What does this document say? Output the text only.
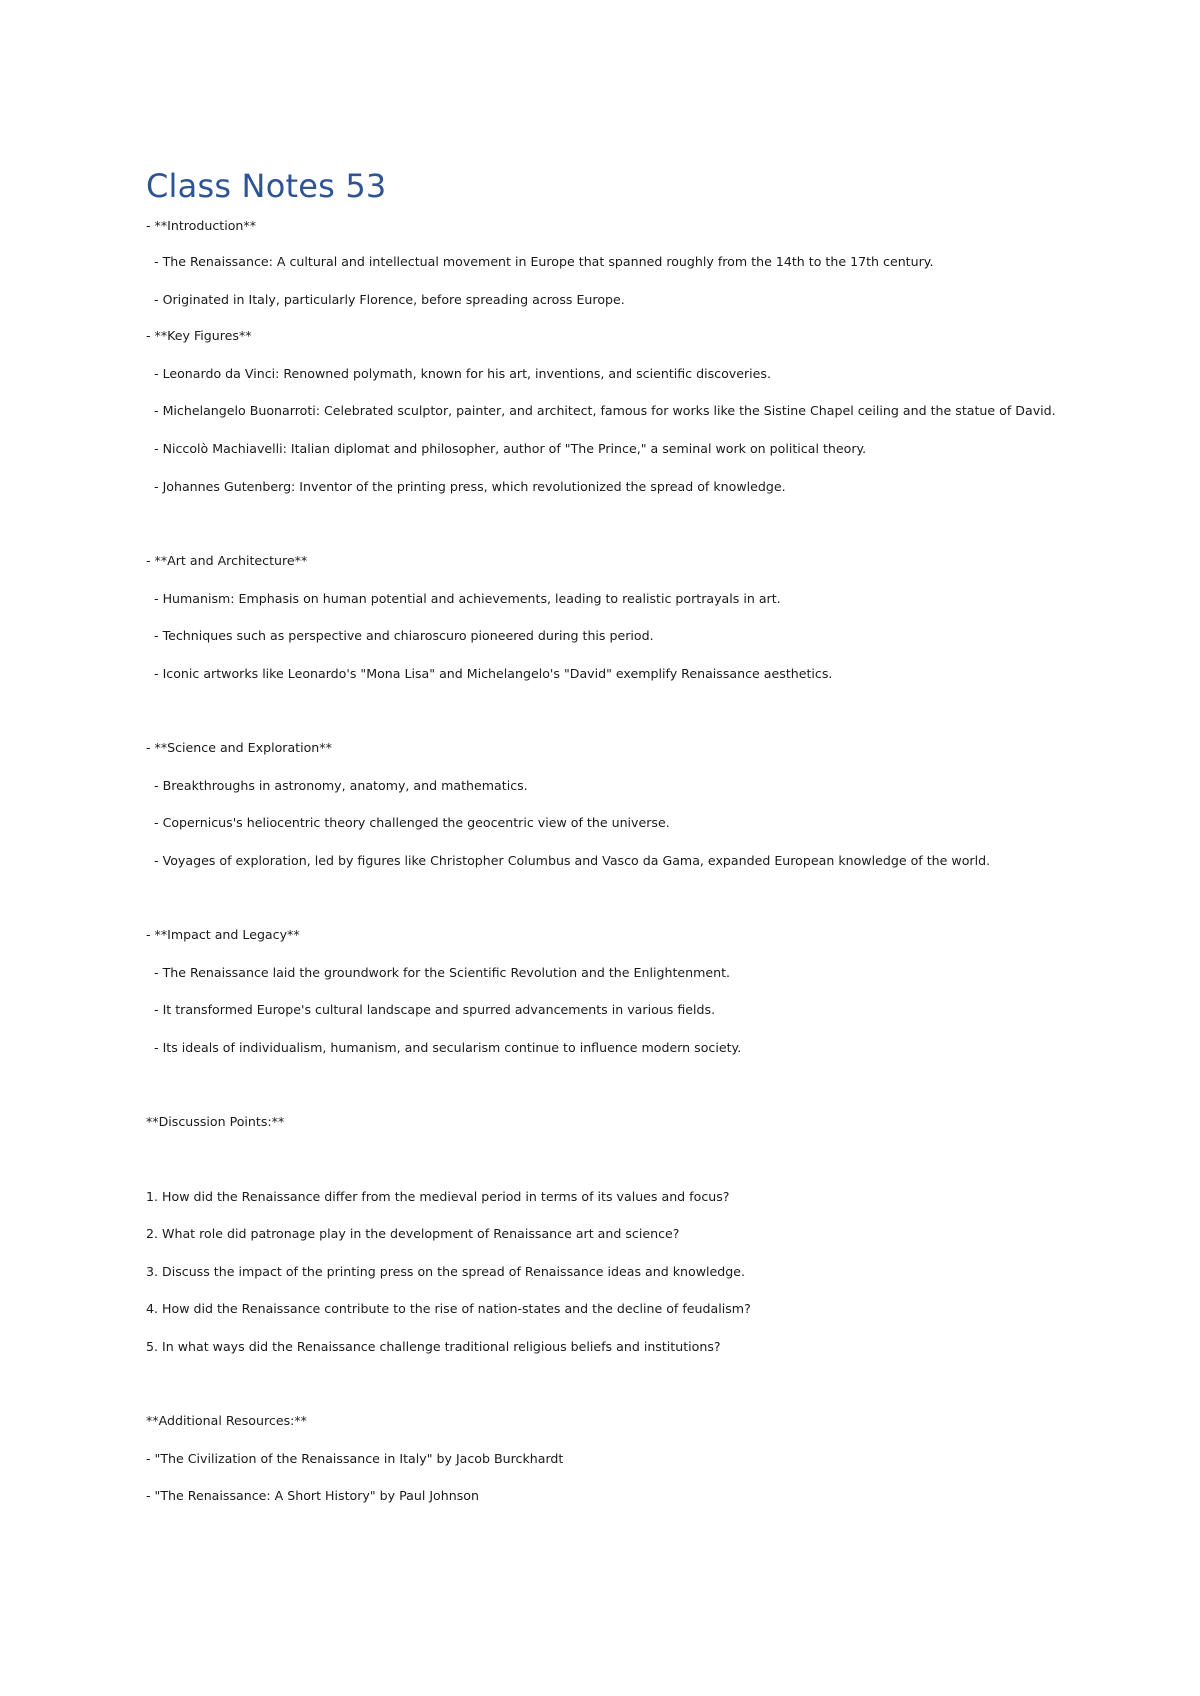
Class Notes 53
- **Introduction**
- The Renaissance: A cultural and intellectual movement in Europe that spanned roughly from the 14th to the 17th century.
- Originated in Italy, particularly Florence, before spreading across Europe.
- **Key Figures**
- Leonardo da Vinci: Renowned polymath, known for his art, inventions, and scientific discoveries.
- Michelangelo Buonarroti: Celebrated sculptor, painter, and architect, famous for works like the Sistine Chapel ceiling and the statue of David.
- Niccolò Machiavelli: Italian diplomat and philosopher, author of "The Prince," a seminal work on political theory.
- Johannes Gutenberg: Inventor of the printing press, which revolutionized the spread of knowledge.
- **Art and Architecture**
- Humanism: Emphasis on human potential and achievements, leading to realistic portrayals in art.
- Techniques such as perspective and chiaroscuro pioneered during this period.
- Iconic artworks like Leonardo's "Mona Lisa" and Michelangelo's "David" exemplify Renaissance aesthetics.
- **Science and Exploration**
- Breakthroughs in astronomy, anatomy, and mathematics.
- Copernicus's heliocentric theory challenged the geocentric view of the universe.
- Voyages of exploration, led by figures like Christopher Columbus and Vasco da Gama, expanded European knowledge of the world.
- **Impact and Legacy**
- The Renaissance laid the groundwork for the Scientific Revolution and the Enlightenment.
- It transformed Europe's cultural landscape and spurred advancements in various fields.
- Its ideals of individualism, humanism, and secularism continue to influence modern society.
**Discussion Points:**
1. How did the Renaissance differ from the medieval period in terms of its values and focus?
2. What role did patronage play in the development of Renaissance art and science?
3. Discuss the impact of the printing press on the spread of Renaissance ideas and knowledge.
4. How did the Renaissance contribute to the rise of nation-states and the decline of feudalism?
5. In what ways did the Renaissance challenge traditional religious beliefs and institutions?
**Additional Resources:**
- "The Civilization of the Renaissance in Italy" by Jacob Burckhardt
- "The Renaissance: A Short History" by Paul Johnson
